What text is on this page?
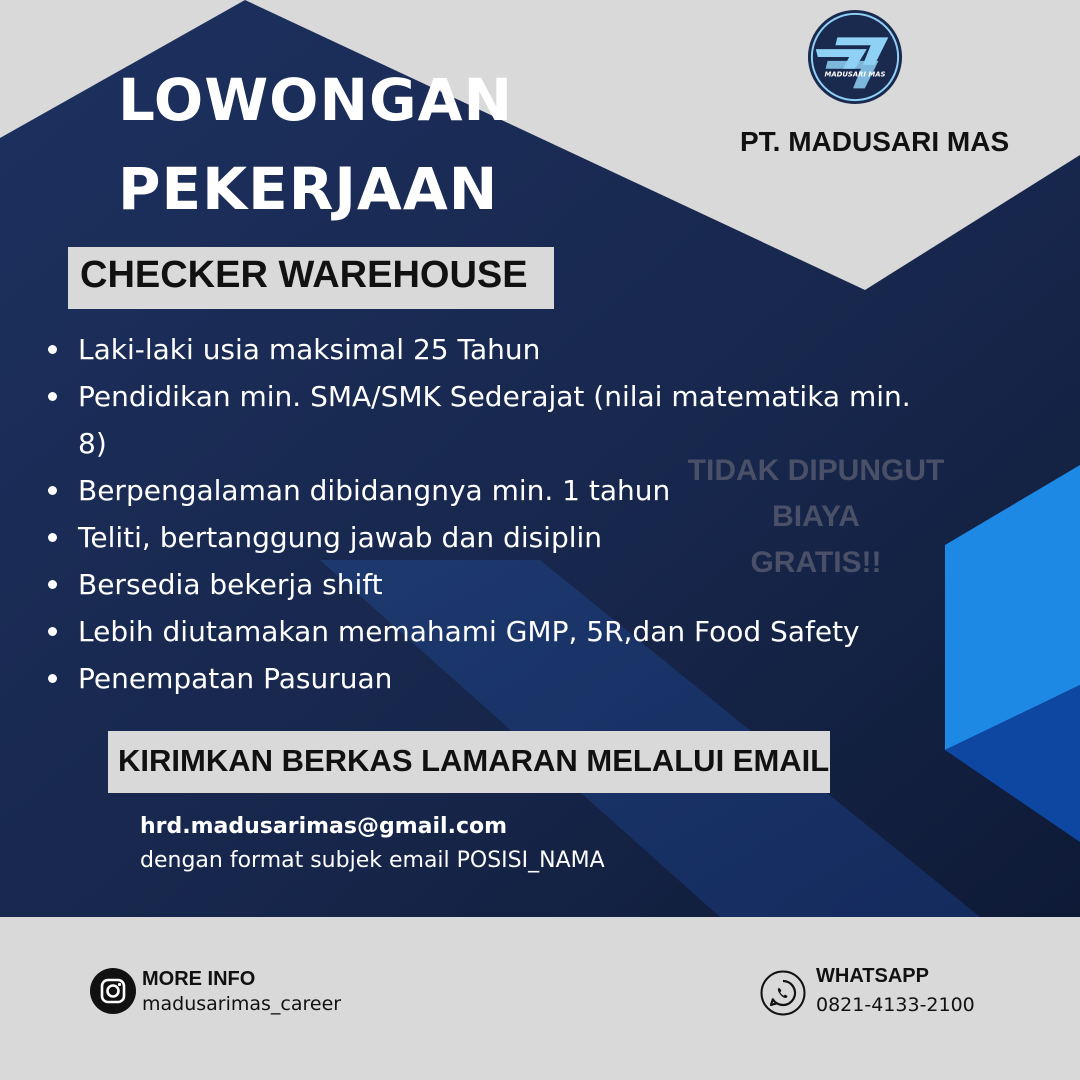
MADUSARI MAS
PT. MADUSARI MAS
LOWONGAN
PEKERJAAN
CHECKER WAREHOUSE
Laki-laki usia maksimal 25 Tahun
Pendidikan min. SMA/SMK Sederajat (nilai matematika min. 8)
Berpengalaman dibidangnya min. 1 tahun
Teliti, bertanggung jawab dan disiplin
Bersedia bekerja shift
Lebih diutamakan memahami GMP, 5R,dan Food Safety
Penempatan Pasuruan
TIDAK DIPUNGUT
BIAYA
GRATIS!!
KIRIMKAN BERKAS LAMARAN MELALUI EMAIL
hrd.madusarimas@gmail.com
dengan format subjek email POSISI_NAMA
MORE INFO
madusarimas_career
WHATSAPP
0821-4133-2100
